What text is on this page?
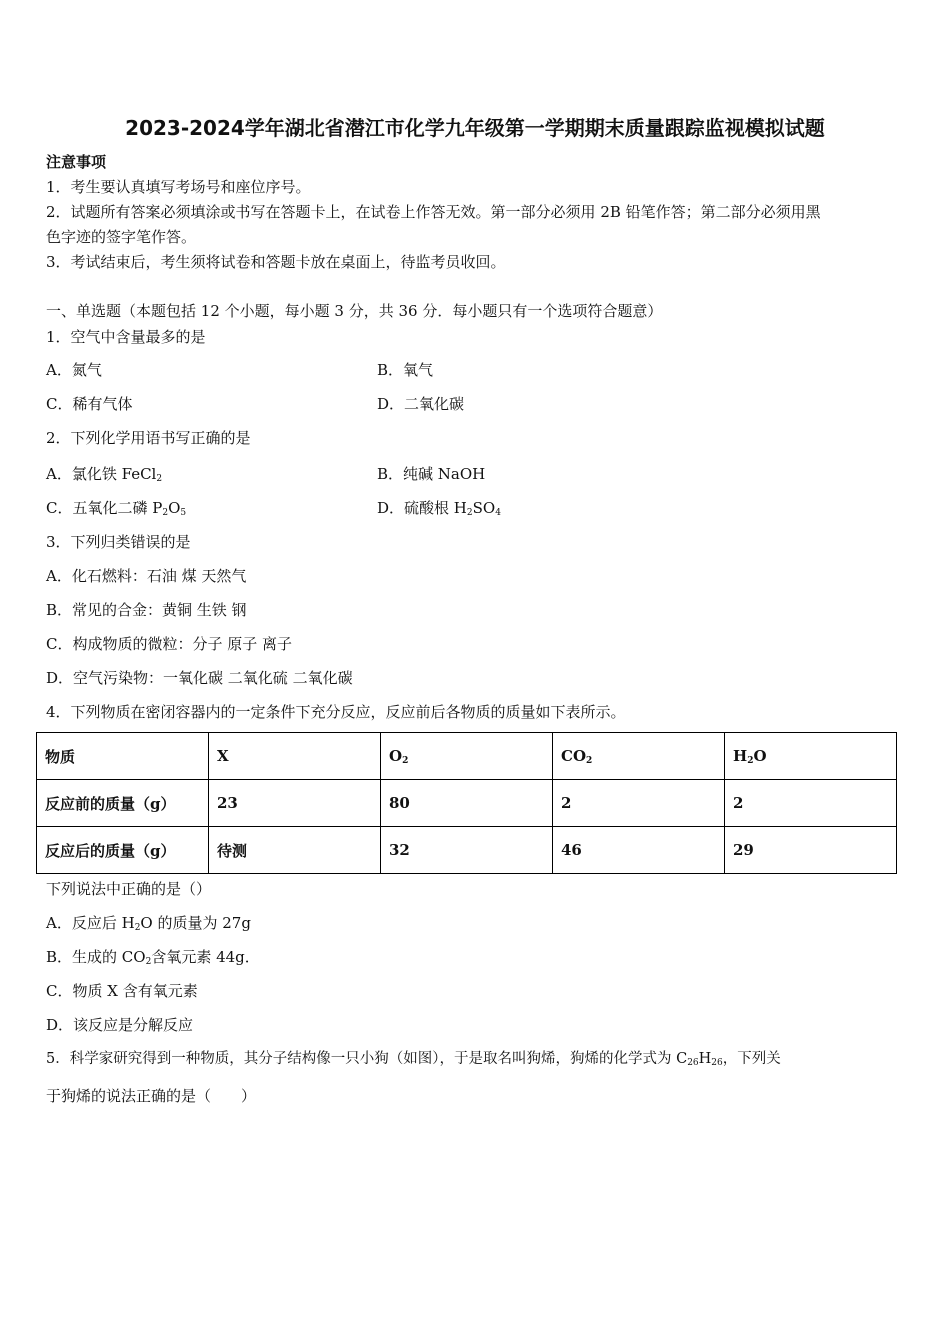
2023-2024学年湖北省潜江市化学九年级第一学期期末质量跟踪监视模拟试题
注意事项
1．考生要认真填写考场号和座位序号。
2．试题所有答案必须填涂或书写在答题卡上，在试卷上作答无效。第一部分必须用 2B 铅笔作答；第二部分必须用黑
色字迹的签字笔作答。
3．考试结束后，考生须将试卷和答题卡放在桌面上，待监考员收回。
一、单选题（本题包括 12 个小题，每小题 3 分，共 36 分．每小题只有一个选项符合题意）
1．空气中含量最多的是
A．氮气	B．氧气
C．稀有气体	D．二氧化碳
2．下列化学用语书写正确的是
A．氯化铁 FeCl$_2$	B．纯碱 NaOH
C．五氧化二磷 $P_2O_5$	D．硫酸根 $H_2SO_4$
3．下列归类错误的是
A．化石燃料：石油 煤 天然气
B．常见的合金：黄铜 生铁 钢
C．构成物质的微粒：分子 原子 离子
D．空气污染物：一氧化碳 二氧化硫 二氧化碳
4．下列物质在密闭容器内的一定条件下充分反应，反应前后各物质的质量如下表所示。
物质	X	$O_2$	$CO_2$	$H_2O$
反应前的质量（g）	23	80	2	2
反应后的质量（g）	待测	32	46	29
下列说法中正确的是（）
A．反应后 $H_2O$ 的质量为 27g
B．生成的 $CO_2$含氧元素 44g．
C．物质 X 含有氧元素
D．该反应是分解反应
5．科学家研究得到一种物质，其分子结构像一只小狗（如图），于是取名叫狗烯，狗烯的化学式为 $C_{26}H_{26}$，下列关
于狗烯的说法正确的是（　　）
